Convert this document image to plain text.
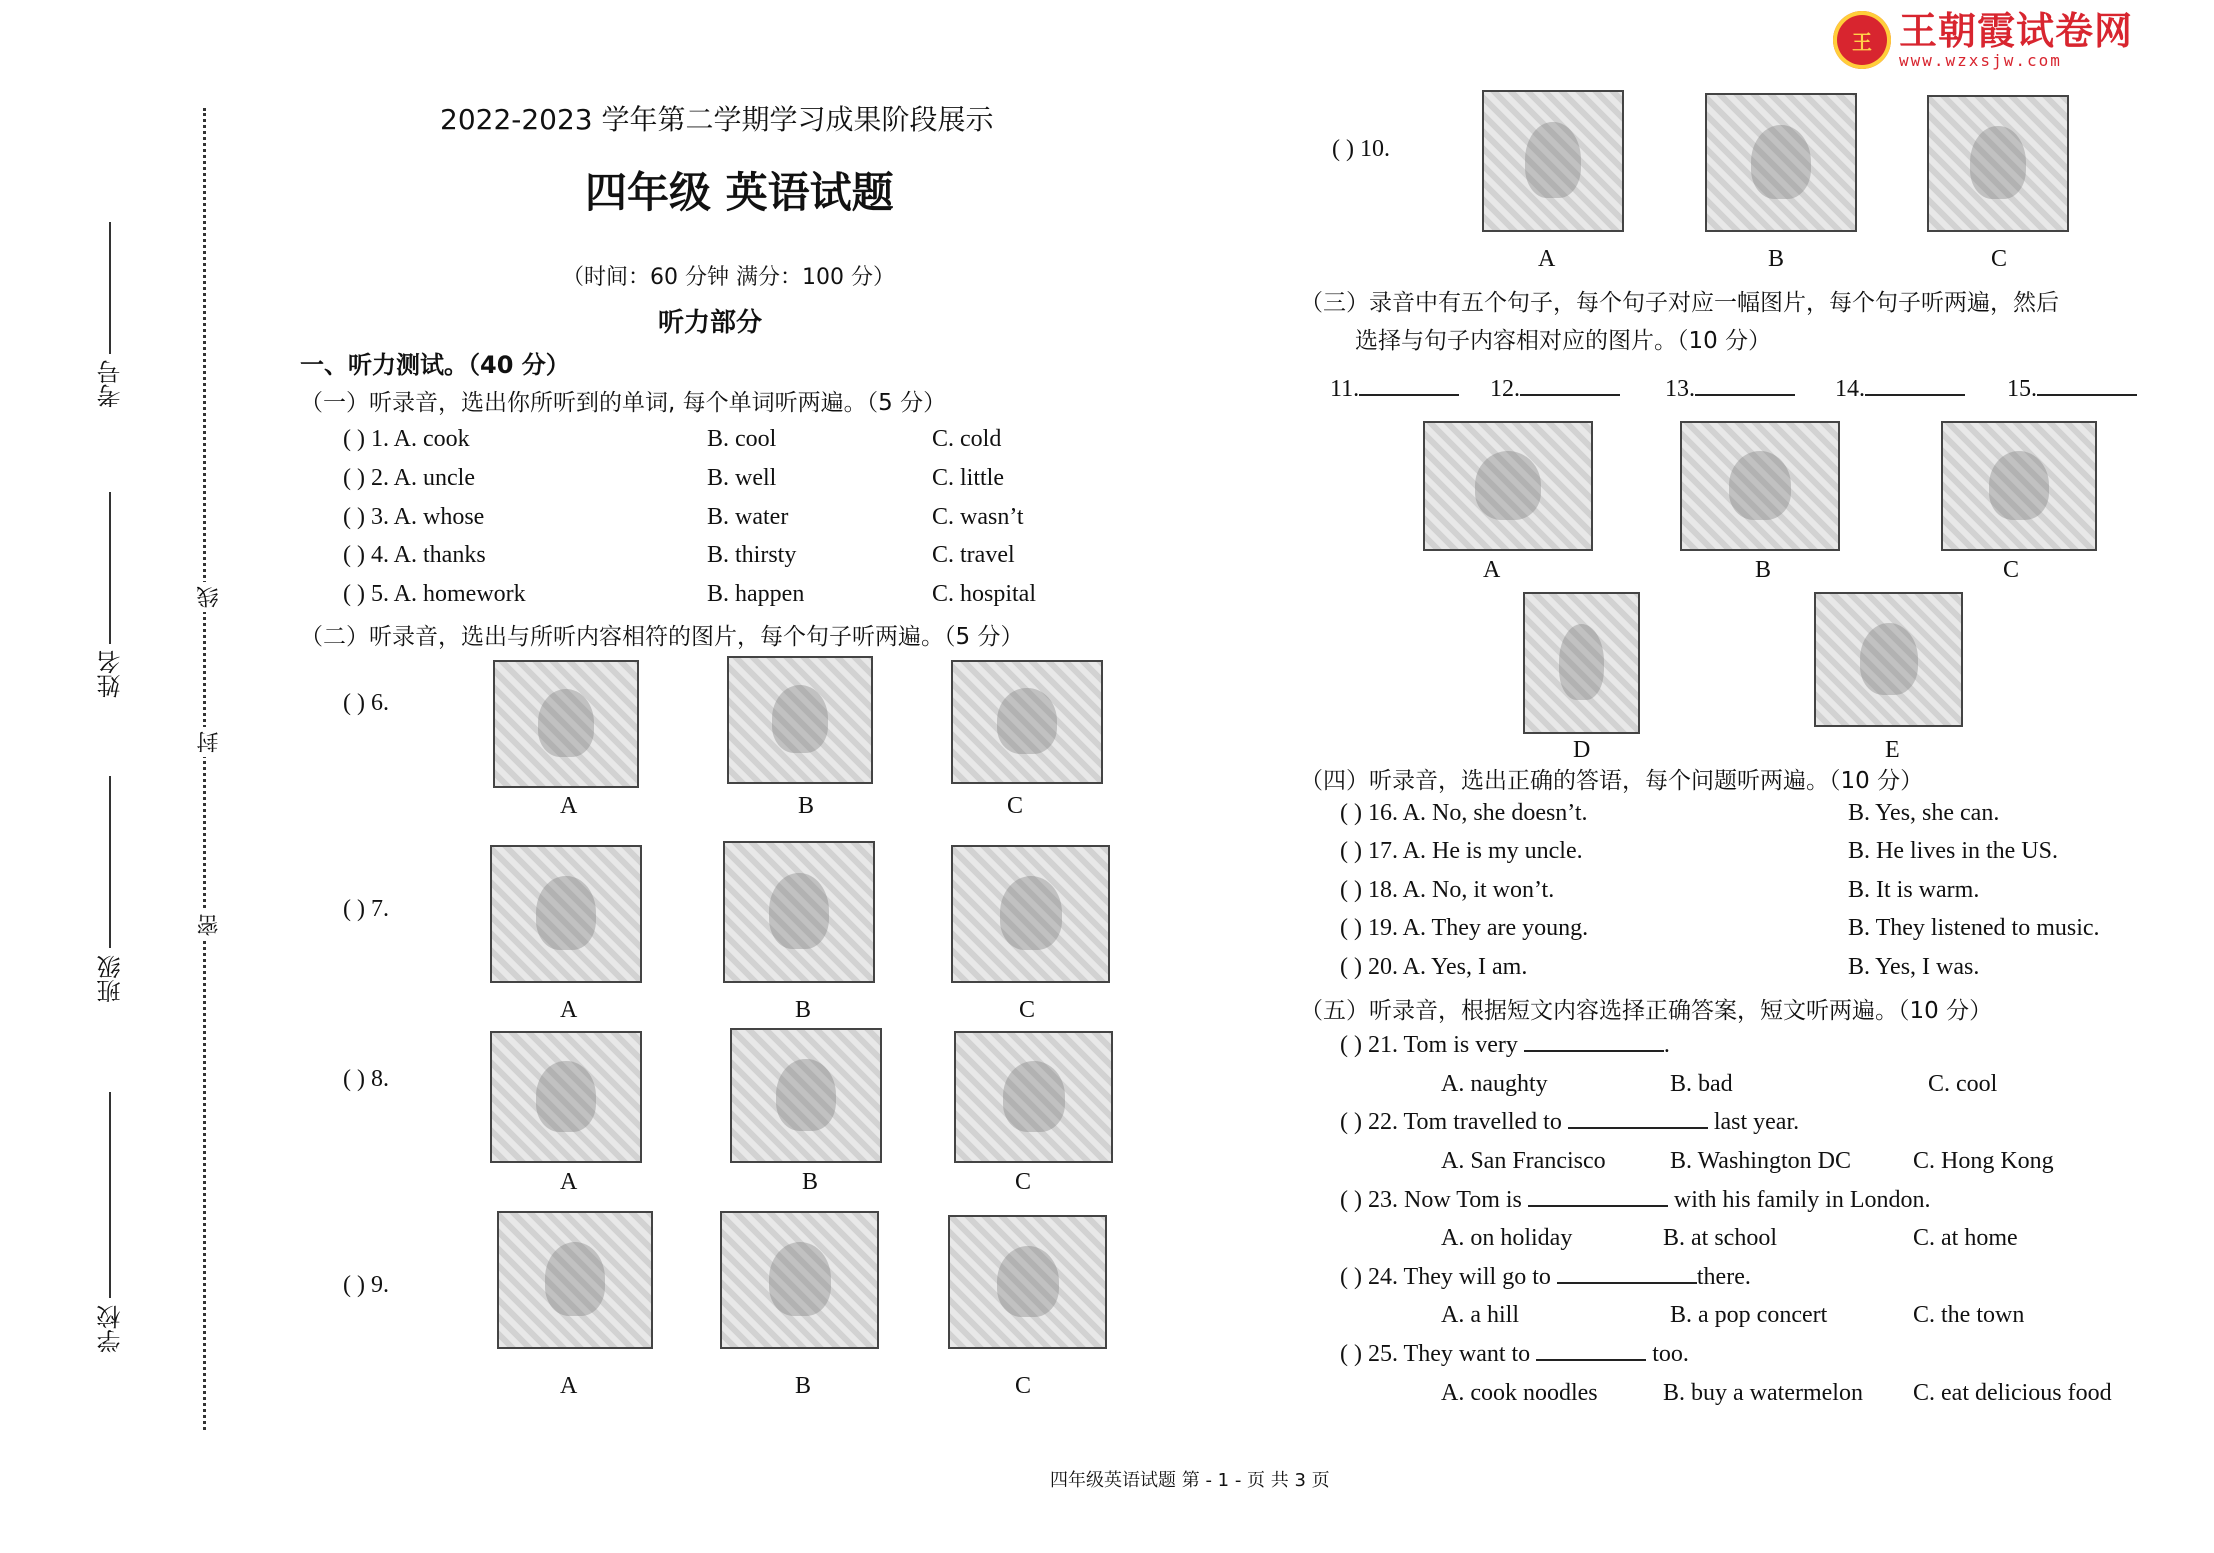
王 王朝霞试卷网
www.wzxsjw.com
考号
姓名
班级
学校
线
封
密
2022-2023 学年第二学期学习成果阶段展示
四年级 英语试题
（时间：60 分钟 满分：100 分）
听力部分
一、听力测试。（40 分）
（一）听录音，选出你所听到的单词, 每个单词听两遍。（5 分）
( ) 1. A. cook	B. cool	C. cold
( ) 2. A. uncle	B. well	C. little
( ) 3. A. whose	B. water	C. wasn’t
( ) 4. A. thanks	B. thirsty	C. travel
( ) 5. A. homework	B. happen	C. hospital
（二）听录音，选出与所听内容相符的图片，每个句子听两遍。（5 分）
( ) 6.
A	B	C
( ) 7.
A	B	C
( ) 8.
A	B	C
( ) 9.
A	B	C
( ) 10.
A	B	C
（三）录音中有五个句子，每个句子对应一幅图片，每个句子听两遍，然后
选择与句子内容相对应的图片。（10 分）
11.	12.	13.	14.	15.
A	B	C
D	E
（四）听录音，选出正确的答语，每个问题听两遍。（10 分）
( ) 16. A. No, she doesn’t.	B. Yes, she can.
( ) 17. A. He is my uncle.	B. He lives in the US.
( ) 18. A. No, it won’t.	B. It is warm.
( ) 19. A. They are young.	B. They listened to music.
( ) 20. A. Yes, I am.	B. Yes, I was.
（五）听录音，根据短文内容选择正确答案，短文听两遍。（10 分）
( ) 21. Tom is very	.
A. naughty	B. bad	C. cool
( ) 22. Tom travelled to	last year.
A. San Francisco	B. Washington DC	C. Hong Kong
( ) 23. Now Tom is	with his family in London.
A. on holiday	B. at school	C. at home
( ) 24. They will go to	there.
A. a hill	B. a pop concert	C. the town
( ) 25. They want to	too.
A. cook noodles	B. buy a watermelon C. eat delicious food
四年级英语试题 第 - 1 - 页 共 3 页
